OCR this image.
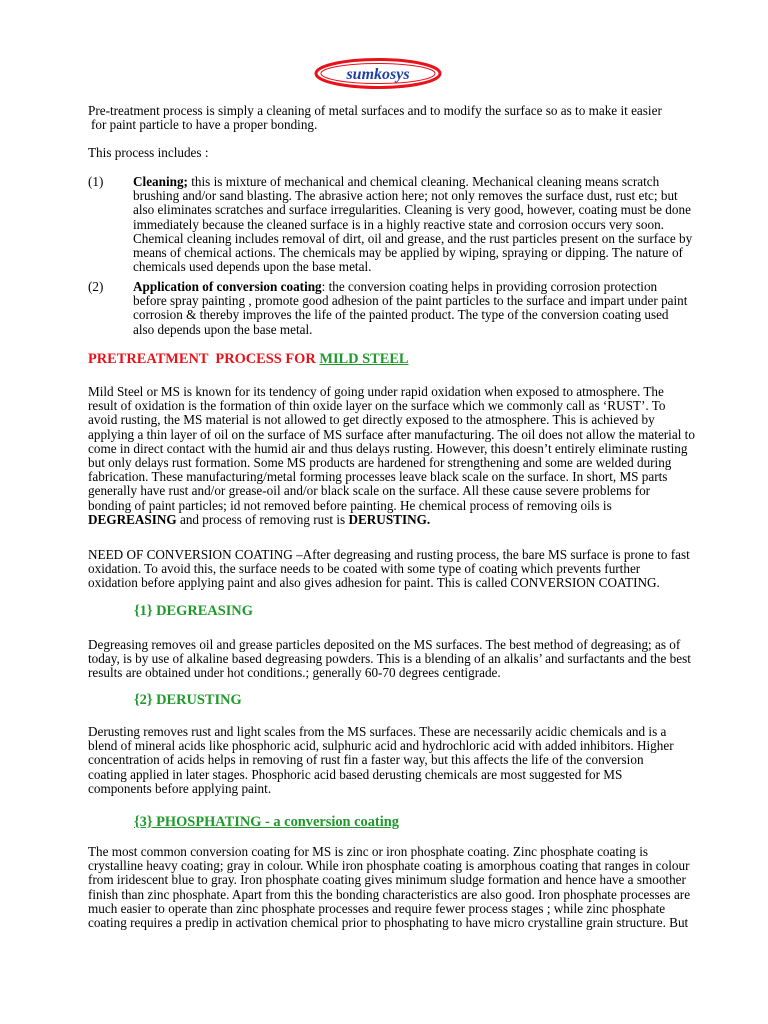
sumkosys
Pre-treatment process is simply a cleaning of metal surfaces and to modify the surface so as to make it easier
for paint particle to have a proper bonding.
This process includes :
(1) Cleaning; this is mixture of mechanical and chemical cleaning. Mechanical cleaning means scratch
brushing and/or sand blasting. The abrasive action here; not only removes the surface dust, rust etc; but
also eliminates scratches and surface irregularities. Cleaning is very good, however, coating must be done
immediately because the cleaned surface is in a highly reactive state and corrosion occurs very soon.
Chemical cleaning includes removal of dirt, oil and grease, and the rust particles present on the surface by
means of chemical actions. The chemicals may be applied by wiping, spraying or dipping. The nature of
chemicals used depends upon the base metal.
(2) Application of conversion coating: the conversion coating helps in providing corrosion protection
before spray painting , promote good adhesion of the paint particles to the surface and impart under paint
corrosion & thereby improves the life of the painted product. The type of the conversion coating used
also depends upon the base metal.
PRETREATMENT  PROCESS FOR MILD STEEL
Mild Steel or MS is known for its tendency of going under rapid oxidation when exposed to atmosphere. The
result of oxidation is the formation of thin oxide layer on the surface which we commonly call as ‘RUST’. To
avoid rusting, the MS material is not allowed to get directly exposed to the atmosphere. This is achieved by
applying a thin layer of oil on the surface of MS surface after manufacturing. The oil does not allow the material to
come in direct contact with the humid air and thus delays rusting. However, this doesn’t entirely eliminate rusting
but only delays rust formation. Some MS products are hardened for strengthening and some are welded during
fabrication. These manufacturing/metal forming processes leave black scale on the surface. In short, MS parts
generally have rust and/or grease-oil and/or black scale on the surface. All these cause severe problems for
bonding of paint particles; id not removed before painting. He chemical process of removing oils is
DEGREASING and process of removing rust is DERUSTING.
NEED OF CONVERSION COATING –After degreasing and rusting process, the bare MS surface is prone to fast
oxidation. To avoid this, the surface needs to be coated with some type of coating which prevents further
oxidation before applying paint and also gives adhesion for paint. This is called CONVERSION COATING.
{1} DEGREASING
Degreasing removes oil and grease particles deposited on the MS surfaces. The best method of degreasing; as of
today, is by use of alkaline based degreasing powders. This is a blending of an alkalis’ and surfactants and the best
results are obtained under hot conditions.; generally 60-70 degrees centigrade.
{2} DERUSTING
Derusting removes rust and light scales from the MS surfaces. These are necessarily acidic chemicals and is a
blend of mineral acids like phosphoric acid, sulphuric acid and hydrochloric acid with added inhibitors. Higher
concentration of acids helps in removing of rust fin a faster way, but this affects the life of the conversion
coating applied in later stages. Phosphoric acid based derusting chemicals are most suggested for MS
components before applying paint.
{3} PHOSPHATING - a conversion coating
The most common conversion coating for MS is zinc or iron phosphate coating. Zinc phosphate coating is
crystalline heavy coating; gray in colour. While iron phosphate coating is amorphous coating that ranges in colour
from iridescent blue to gray. Iron phosphate coating gives minimum sludge formation and hence have a smoother
finish than zinc phosphate. Apart from this the bonding characteristics are also good. Iron phosphate processes are
much easier to operate than zinc phosphate processes and require fewer process stages ; while zinc phosphate
coating requires a predip in activation chemical prior to phosphating to have micro crystalline grain structure. But
